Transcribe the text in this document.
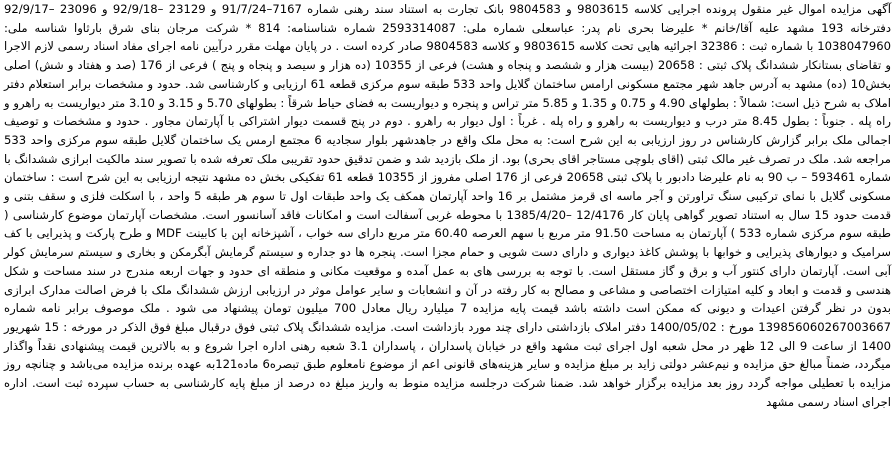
آگهی مزایده اموال غیر منقول پرونده اجرایی کلاسه 9803615 و 9804583 بانک تجارت به استناد سند رهنی شماره 7167–91/7/24 و 23129 –92/9/18 و 23096 –92/9/17 دفترخانه 193 مشهد علیه آقا/خانم * علیرضا بحری نام پدر: عباسعلی شماره ملی: 2593314087 شماره شناسنامه: 814 * شرکت مرجان بنای شرق بارثاوا شناسه ملی: 1038047960 با شماره ثبت : 32386 اجرائیه هایی تحت کلاسه 9803615 و کلاسه 9804583 صادر کرده است . در پایان مهلت مقرر درآیین نامه اجرای مفاد اسناد رسمی لازم الاجرا و تقاضای بستانکار ششدانگ پلاک ثبتی : 20658 (بیست هزار و ششصد و پنجاه و هشت) فرعی از 10355 (ده هزار و سیصد و پنجاه و پنج ) فرعی از 176 (صد و هفتاد و شش) اصلی بخش10 (ده) مشهد به آدرس جاهد شهر مجتمع مسکونی ارامس ساختمان گلایل واحد 533 طبقه سوم مرکزی قطعه 61 ارزیابی و کارشناسی شد. حدود و مشخصات برابر استعلام دفتر املاک به شرح ذیل است: شمالاً : بطولهای 4.90 و 0.75 و 1.35 و 5.85 متر تراس و پنجره و دیواریست به فضای حیاط شرقاً : بطولهای 5.70 و 3.15 و 3.10 متر دیواریست به راهرو و راه پله . جنوباً : بطول 8.45 متر درب و دیواریست به راهرو و راه پله . غرباً : اول دیوار به راهرو . دوم در پنج قسمت دیوار اشتراکی با آپارتمان مجاور . حدود و مشخصات و توصیف اجمالی ملک برابر گزارش کارشناس در روز ارزیابی به این شرح است: به محل ملک واقع در جاهدشهر بلوار سجادیه 6 مجتمع ارمس یک ساختمان گلایل طبقه سوم مرکزی واحد 533 مراجعه شد. ملک در تصرف غیر مالک ثبتی (اقای بلوچی مستاجر اقای بحری) بود. از ملک بازدید شد و ضمن تدقیق حدود تقریبی ملک تعرفه شده با تصویر سند مالکیت ابرازی ششدانگ با شماره 593461 – ب 90 به نام علیرضا دادبور با پلاک ثبتی 20658 فرعی از 176 اصلی مفروز از 10355 قطعه 61 تفکیکی بخش ده مشهد نتیجه ارزیابی به این شرح است : ساختمان مسکونی گلایل با نمای ترکیبی سنگ تراورتن و آجر ماسه ای قرمز مشتمل بر 16 واحد آپارتمان همکف یک واحد طبقات اول تا سوم هر طبقه 5 واحد ، با اسکلت فلزی و سقف بتنی و قدمت حدود 15 سال به استناد تصویر گواهی پایان کار 12/4176 –1385/4/20 با محوطه غربی آسفالت است و امکانات فاقد آسانسور است. مشخصات آپارتمان موضوع کارشناسی ( طبقه سوم مرکزی شماره 533 ) آپارتمان به مساحت 91.50 متر مربع با سهم العرصه 60.40 متر مربع دارای سه خواب ، آشپزخانه اپن با کابینت MDF و طرح پارکت و پذیرایی با کف سرامیک و دیوارهای پذیرایی و خوابها با پوشش کاغذ دیواری و دارای دست شویی و حمام مجزا است. پنجره ها دو جداره و سیستم گرمایش آبگرمکن و بخاری و سیستم سرمایش کولر آبی است. آپارتمان دارای کنتور آب و برق و گاز مستقل است. با توجه به بررسی های به عمل آمده و موقعیت مکانی و منطقه ای حدود و جهات اربعه مندرج در سند مساحت و شکل هندسی و قدمت و ابعاد و کلیه امتیازات اختصاصی و مشاعی و مصالح به کار رفته در آن و انشعابات و سایر عوامل موثر در ارزیابی ارزش ششدانگ ملک با فرض اصالت مدارک ابرازی بدون در نظر گرفتن اعیدات و دیونی که ممکن است داشته باشد قیمت پایه مزایده 7 میلیارد ریال معادل 700 میلیون تومان پیشنهاد می شود . ملک موصوف برابر نامه شماره 139856060267003667 مورخ : 1400/05/02 دفتر املاک بازداشتی دارای چند مورد بازداشت است. مزایده ششدانگ پلاک ثبتی فوق درقبال مبلغ فوق الذکر در مورخه : 15 شهریور 1400 از ساعت 9 الی 12 ظهر در محل شعبه اول اجرای ثبت مشهد واقع در خیابان پاسداران ، پاسداران 3.1 شعبه رهنی اداره اجرا شروع و به بالاترین قیمت پیشنهادی نقداً واگذار میگردد، ضمناً مبالغ حق مزایده و نیم‌عشر دولتی زاید بر مبلغ مزایده و سایر هزینه‌های قانونی اعم از موضوع نامعلوم طبق تبصره6 ماده121به عهده برنده مزایده می‌باشد و چنانچه روز مزایده با تعطیلی مواجه گردد روز بعد مزایده برگزار خواهد شد. ضمنا شرکت درجلسه مزایده منوط به واریز مبلغ ده درصد از مبلغ پایه کارشناسی به حساب سپرده ثبت است. اداره اجرای اسناد رسمی مشهد
